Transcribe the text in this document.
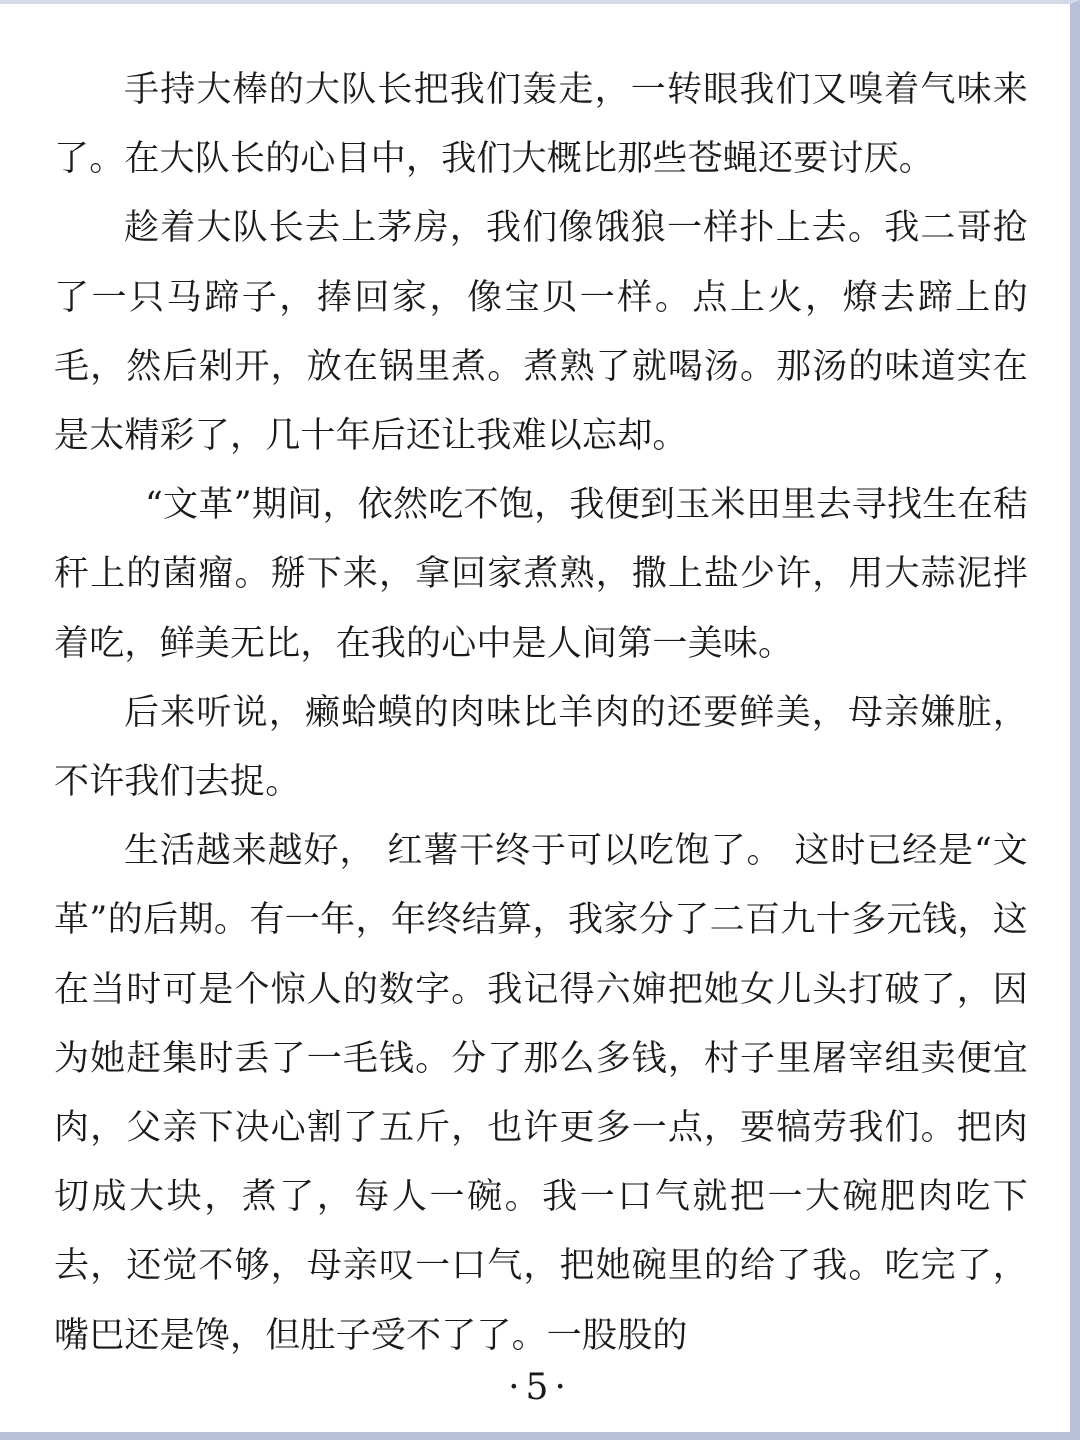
手持大棒的大队长把我们轰走，一转眼我们又嗅着气味来了。在大队长的心目中，我们大概比那些苍蝇还要讨厌。

趁着大队长去上茅房，我们像饿狼一样扑上去。我二哥抢了一只马蹄子，捧回家，像宝贝一样。点上火，燎去蹄上的毛，然后剁开，放在锅里煮。煮熟了就喝汤。那汤的味道实在是太精彩了，几十年后还让我难以忘却。

“文革”期间，依然吃不饱，我便到玉米田里去寻找生在秸秆上的菌瘤。掰下来，拿回家煮熟，撒上盐少许，用大蒜泥拌着吃，鲜美无比，在我的心中是人间第一美味。

后来听说，癞蛤蟆的肉味比羊肉的还要鲜美，母亲嫌脏，不许我们去捉。

生活越来越好， 红薯干终于可以吃饱了。 这时已经是“文革”的后期。有一年，年终结算，我家分了二百九十多元钱，这在当时可是个惊人的数字。我记得六婶把她女儿头打破了，因为她赶集时丢了一毛钱。分了那么多钱，村子里屠宰组卖便宜肉，父亲下决心割了五斤，也许更多一点，要犒劳我们。把肉切成大块，煮了，每人一碗。我一口气就把一大碗肥肉吃下去，还觉不够，母亲叹一口气，把她碗里的给了我。吃完了，嘴巴还是馋，但肚子受不了了。一股股的

·5·
